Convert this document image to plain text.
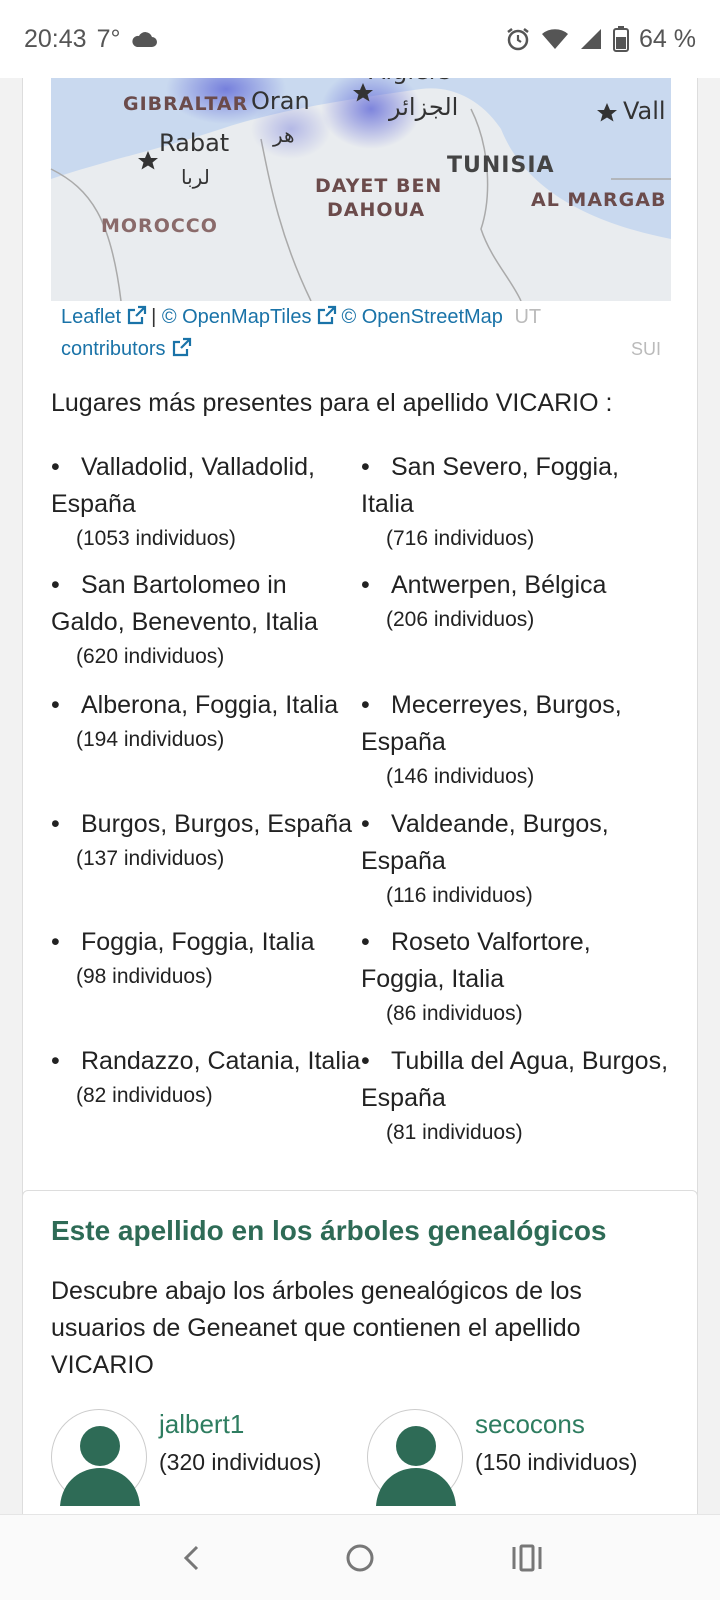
20:43 7°	64 %
الجزائر
GIBRALTAR Oran
هر
Rabat
لربا	TUNISIA
DAYET BEN
DAHOUA	AL MARGAB
Vall
MOROCCO
Leaflet | © OpenMapTiles © OpenStreetMap UT
contributors	SUI
Lugares más presentes para el apellido VICARIO :
• Valladolid, Valladolid, España
(1053 individuos)
• San Severo, Foggia, Italia
(716 individuos)
• San Bartolomeo in Galdo, Benevento, Italia
(620 individuos)
• Antwerpen, Bélgica
(206 individuos)
• Alberona, Foggia, Italia
(194 individuos)
• Mecerreyes, Burgos, España
(146 individuos)
• Burgos, Burgos, España
(137 individuos)
• Valdeande, Burgos, España
(116 individuos)
• Foggia, Foggia, Italia
(98 individuos)
• Roseto Valfortore, Foggia, Italia
(86 individuos)
• Randazzo, Catania, Italia
(82 individuos)
• Tubilla del Agua, Burgos, España
(81 individuos)
Este apellido en los árboles genealógicos
Descubre abajo los árboles genealógicos de los usuarios de Geneanet que contienen el apellido VICARIO
jalbert1
(320 individuos)
secocons
(150 individuos)
